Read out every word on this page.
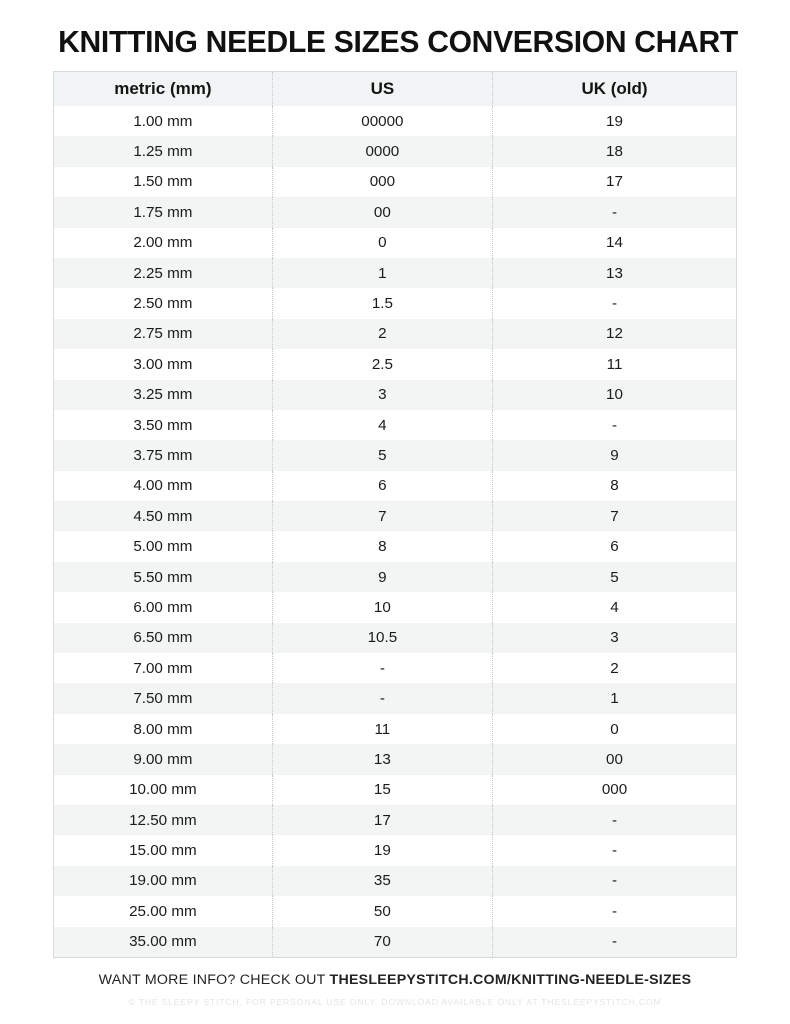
KNITTING NEEDLE SIZES CONVERSION CHART
metric (mm)	US	UK (old)
1.00 mm	00000	19
1.25 mm	0000	18
1.50 mm	000	17
1.75 mm	00	-
2.00 mm	0	14
2.25 mm	1	13
2.50 mm	1.5	-
2.75 mm	2	12
3.00 mm	2.5	11
3.25 mm	3	10
3.50 mm	4	-
3.75 mm	5	9
4.00 mm	6	8
4.50 mm	7	7
5.00 mm	8	6
5.50 mm	9	5
6.00 mm	10	4
6.50 mm	10.5	3
7.00 mm	-	2
7.50 mm	-	1
8.00 mm	11	0
9.00 mm	13	00
10.00 mm	15	000
12.50 mm	17	-
15.00 mm	19	-
19.00 mm	35	-
25.00 mm	50	-
35.00 mm	70	-
WANT MORE INFO? CHECK OUT THESLEEPYSTITCH.COM/KNITTING-NEEDLE-SIZES
© THE SLEEPY STITCH. FOR PERSONAL USE ONLY. DOWNLOAD AVAILABLE ONLY AT THESLEEPYSTITCH.COM
